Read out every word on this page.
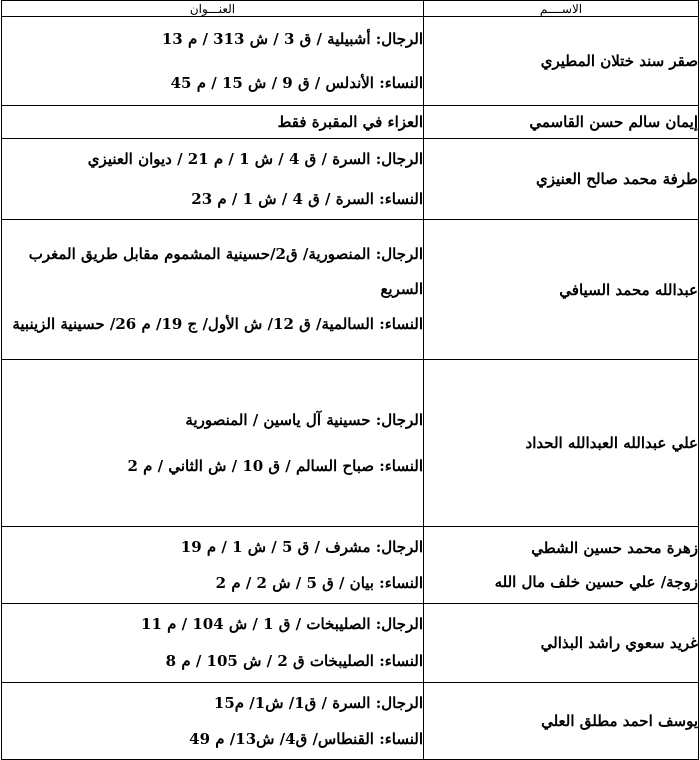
الاســــم	العنـــوان
صقر سند ختلان المطيري	الرجال: أشبيلية / ق 3 / ش 313 / م 13
النساء: الأندلس / ق 9 / ش 15 / م 45

إيمان سالم حسن القاسمي	العزاء في المقبرة فقط
طرفة محمد صالح العنيزي	الرجال: السرة / ق 4 / ش 1 / م 21 / ديوان العنيزي
النساء: السرة / ق 4 / ش 1 / م 23

عبدالله محمد السيافي	الرجال: المنصورية/ ق2/حسينية المشموم مقابل طريق المغرب السريع
النساء: السالمية/ ق 12/ ش الأول/ ج 19/ م 26/ حسينية الزينبية

علي عبدالله العبدالله الحداد	الرجال: حسينية آل ياسين / المنصورية
النساء: صباح السالم / ق 10 / ش الثاني / م 2

زهرة محمد حسين الشطي
زوجة/ علي حسين خلف مال الله	الرجال: مشرف / ق 5 / ش 1 / م 19
النساء: بيان / ق 5 / ش 2 / م 2

غريد سعوي راشد البذالي	الرجال: الصليبخات / ق 1 / ش 104 / م 11
النساء: الصليبخات ق 2 / ش 105 / م 8

يوسف احمد مطلق العلي	الرجال: السرة / ق1/ ش1/ م15
النساء: القنطاس/ ق4/ ش13/ م 49
